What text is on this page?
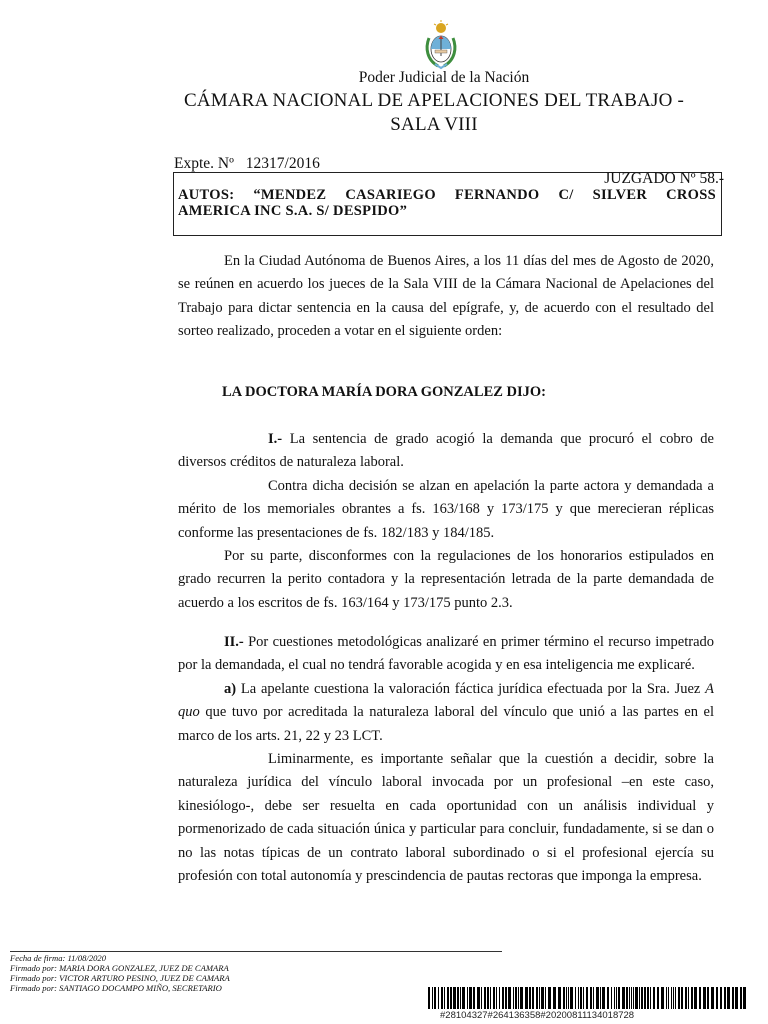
Poder Judicial de la Nación
CÁMARA NACIONAL DE APELACIONES DEL TRABAJO -
SALA VIII
Expte. Nº 12317/2016
JUZGADO Nº 58.-
AUTOS: “MENDEZ CASARIEGO FERNANDO C/ SILVER CROSS
AMERICA INC S.A. S/ DESPIDO”

En la Ciudad Autónoma de Buenos Aires, a los 11 días del mes de Agosto de 2020, se reúnen en acuerdo los jueces de la Sala VIII de la Cámara Nacional de Apelaciones del Trabajo para dictar sentencia en la causa del epígrafe, y, de acuerdo con el resultado del sorteo realizado, proceden a votar en el siguiente orden:

LA DOCTORA MARÍA DORA GONZALEZ DIJO:

I.- La sentencia de grado acogió la demanda que procuró el cobro de diversos créditos de naturaleza laboral.

Contra dicha decisión se alzan en apelación la parte actora y demandada a mérito de los memoriales obrantes a fs. 163/168 y 173/175 y que merecieran réplicas conforme las presentaciones de fs. 182/183 y 184/185.

Por su parte, disconformes con la regulaciones de los honorarios estipulados en grado recurren la perito contadora y la representación letrada de la parte demandada de acuerdo a los escritos de fs. 163/164 y 173/175 punto 2.3.

II.- Por cuestiones metodológicas analizaré en primer término el recurso impetrado por la demandada, el cual no tendrá favorable acogida y en esa inteligencia me explicaré.

a) La apelante cuestiona la valoración fáctica jurídica efectuada por la Sra. Juez A quo que tuvo por acreditada la naturaleza laboral del vínculo que unió a las partes en el marco de los arts. 21, 22 y 23 LCT.

Liminarmente, es importante señalar que la cuestión a decidir, sobre la naturaleza jurídica del vínculo laboral invocada por un profesional –en este caso, kinesiólogo-, debe ser resuelta en cada oportunidad con un análisis individual y pormenorizado de cada situación única y particular para concluir, fundadamente, si se dan o no las notas típicas de un contrato laboral subordinado o si el profesional ejercía su profesión con total autonomía y prescindencia de pautas rectoras que imponga la empresa.

Fecha de firma: 11/08/2020
Firmado por: MARIA DORA GONZALEZ, JUEZ DE CAMARA
Firmado por: VICTOR ARTURO PESINO, JUEZ DE CAMARA
Firmado por: SANTIAGO DOCAMPO MIÑO, SECRETARIO
#28104327#264136358#20200811134018728
